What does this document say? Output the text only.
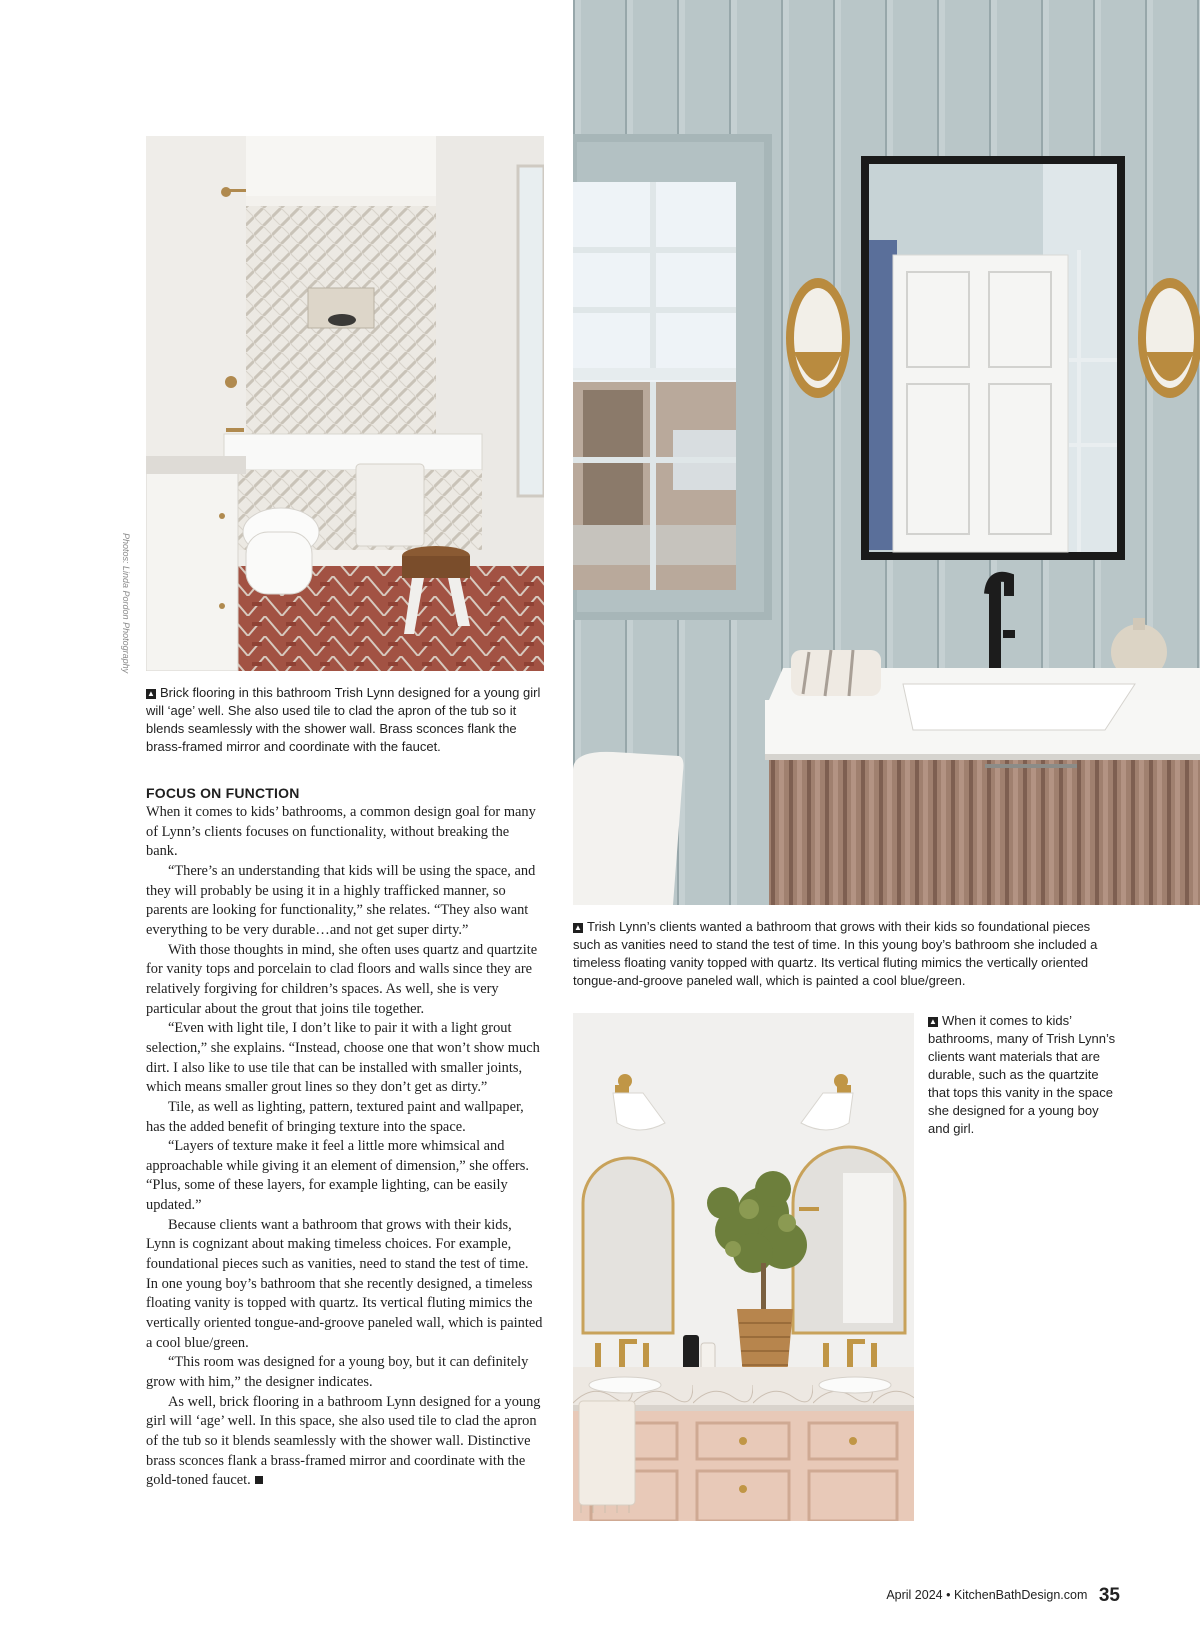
Photos: Linda Pordon Photography

▲ Brick flooring in this bathroom Trish Lynn designed for a young girl will ‘age’ well. She also used tile to clad the apron of the tub so it blends seamlessly with the shower wall. Brass sconces flank the brass-framed mirror and coordinate with the faucet.

▲ Trish Lynn’s clients wanted a bathroom that grows with their kids so foundational pieces such as vanities need to stand the test of time. In this young boy’s bathroom she included a timeless floating vanity topped with quartz. Its vertical fluting mimics the vertically oriented tongue-and-groove paneled wall, which is painted a cool blue/green.

▲ When it comes to kids’ bathrooms, many of Trish Lynn’s clients want materials that are durable, such as the quartzite that tops this vanity in the space she designed for a young boy and girl.

FOCUS ON FUNCTION

When it comes to kids’ bathrooms, a common design goal for many of Lynn’s clients focuses on functionality, without breaking the bank.

“There’s an understanding that kids will be using the space, and they will probably be using it in a highly trafficked manner, so parents are looking for functionality,” she relates. “They also want everything to be very durable…and not get super dirty.”

With those thoughts in mind, she often uses quartz and quartzite for vanity tops and porcelain to clad floors and walls since they are relatively forgiving for children’s spaces. As well, she is very particular about the grout that joins tile together.

“Even with light tile, I don’t like to pair it with a light grout selection,” she explains. “Instead, choose one that won’t show much dirt. I also like to use tile that can be installed with smaller joints, which means smaller grout lines so they don’t get as dirty.”

Tile, as well as lighting, pattern, textured paint and wallpaper, has the added benefit of bringing texture into the space.

“Layers of texture make it feel a little more whimsical and approachable while giving it an element of dimension,” she offers. “Plus, some of these layers, for example lighting, can be easily updated.”

Because clients want a bathroom that grows with their kids, Lynn is cognizant about making timeless choices. For example, foundational pieces such as vanities, need to stand the test of time. In one young boy’s bathroom that she recently designed, a timeless floating vanity is topped with quartz. Its vertical fluting mimics the vertically oriented tongue-and-groove paneled wall, which is painted a cool blue/green.

“This room was designed for a young boy, but it can definitely grow with him,” the designer indicates.

As well, brick flooring in a bathroom Lynn designed for a young girl will ‘age’ well. In this space, she also used tile to clad the apron of the tub so it blends seamlessly with the shower wall. Distinctive brass sconces flank a brass-framed mirror and coordinate with the gold-toned faucet.

April 2024 • KitchenBathDesign.com 35
